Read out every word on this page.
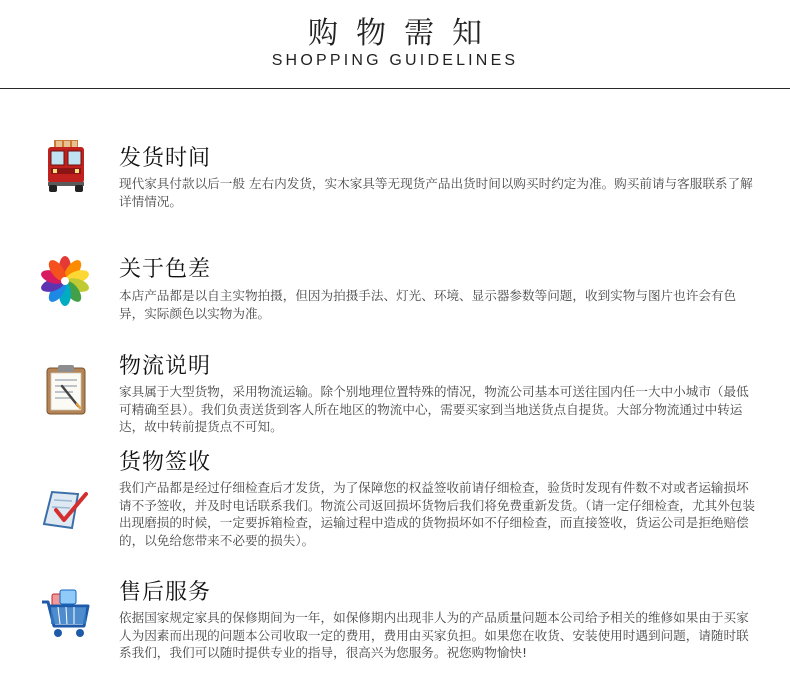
购物需知
SHOPPING GUIDELINES
发货时间

现代家具付款以后一般 左右内发货，实木家具等无现货产品出货时间以购买时约定为准。购买前请与客服联系了解详情情况。

关于色差

本店产品都是以自主实物拍摄，但因为拍摄手法、灯光、环境、显示器参数等问题，收到实物与图片也许会有色异，实际颜色以实物为准。

物流说明

家具属于大型货物，采用物流运输。除个别地理位置特殊的情况，物流公司基本可送往国内任一大中小城市（最低可精确至县）。我们负责送货到客人所在地区的物流中心，需要买家到当地送货点自提货。大部分物流通过中转运达，故中转前提货点不可知。

货物签收

我们产品都是经过仔细检查后才发货，为了保障您的权益签收前请仔细检查，验货时发现有件数不对或者运输损坏请不予签收，并及时电话联系我们。物流公司返回损坏货物后我们将免费重新发货。（请一定仔细检查，尤其外包装出现磨损的时候，一定要拆箱检查，运输过程中造成的货物损坏如不仔细检查，而直接签收，货运公司是拒绝赔偿的，以免给您带来不必要的损失）。

售后服务

依据国家规定家具的保修期间为一年，如保修期内出现非人为的产品质量问题本公司给予相关的维修如果由于买家人为因素而出现的问题本公司收取一定的费用，费用由买家负担。如果您在收货、安装使用时遇到问题，请随时联系我们，我们可以随时提供专业的指导，很高兴为您服务。祝您购物愉快!
